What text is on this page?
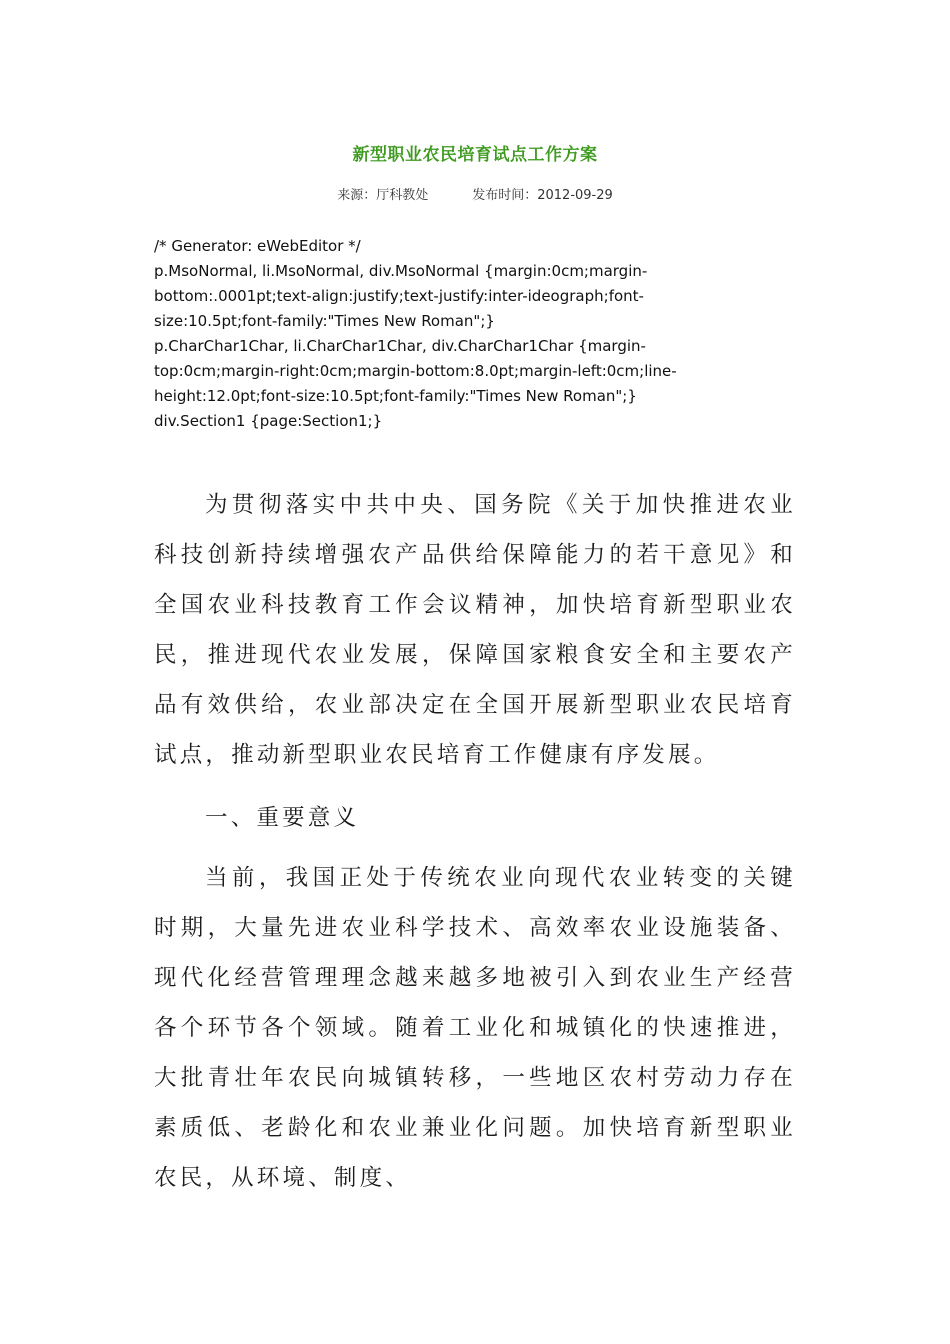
新型职业农民培育试点工作方案
来源：厅科教处	发布时间：2012-09-29
/* Generator: eWebEditor */
p.MsoNormal, li.MsoNormal, div.MsoNormal {margin:0cm;margin-
bottom:.0001pt;text-align:justify;text-justify:inter-ideograph;font-
size:10.5pt;font-family:"Times New Roman";}
p.CharChar1Char, li.CharChar1Char, div.CharChar1Char {margin-
top:0cm;margin-right:0cm;margin-bottom:8.0pt;margin-left:0cm;line-
height:12.0pt;font-size:10.5pt;font-family:"Times New Roman";}
div.Section1 {page:Section1;}

为贯彻落实中共中央、国务院《关于加快推进农业科技创新持续增强农产品供给保障能力的若干意见》和全国农业科技教育工作会议精神，加快培育新型职业农民，推进现代农业发展，保障国家粮食安全和主要农产品有效供给，农业部决定在全国开展新型职业农民培育试点，推动新型职业农民培育工作健康有序发展。

一、重要意义

当前，我国正处于传统农业向现代农业转变的关键时期，大量先进农业科学技术、高效率农业设施装备、现代化经营管理理念越来越多地被引入到农业生产经营各个环节各个领域。随着工业化和城镇化的快速推进，大批青壮年农民向城镇转移，一些地区农村劳动力存在素质低、老龄化和农业兼业化问题。加快培育新型职业农民，从环境、制度、
